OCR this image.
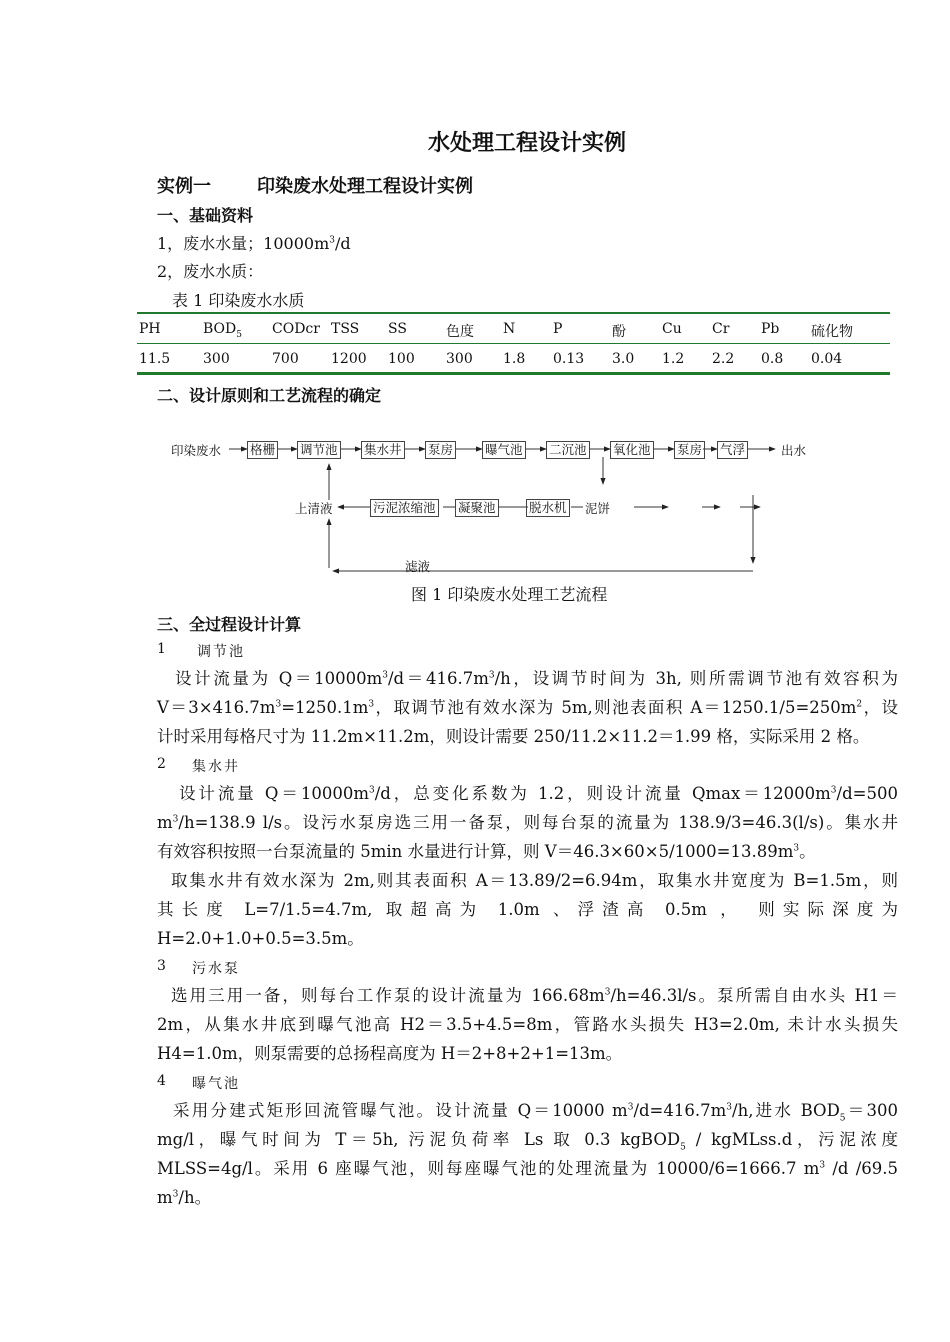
水处理工程设计实例
实例一	印染废水处理工程设计实例
一、基础资料
1，废水水量；$10000m^3/d$
2，废水水质：
表 1 印染废水水质
PH	$BOD_5$ CODcr TSS SS	色度 N	P	酚	Cu Cr Pb 硫化物
11.5 300	700 1200 100 300 1.8 0.13 3.0 1.2 2.2 0.8 0.04
二、设计原则和工艺流程的确定
印染废水 格栅 调节池 集水井 泵房	曝气池 二沉池 氧化池 泵房 气浮	出水
上清液	污泥浓缩池 凝聚池	脱水机 泥饼
滤液
图 1 印染废水处理工艺流程
三、全过程设计计算
1 调节池
设计流量为 $Q=10000m^3/d=416.7m^3/h$，设调节时间为 3h, 则所需调节池有效容积为
$V=3\times 416.7m^3=1250.1m^3$，取调节池有效水深为 5m,则池表面积 $A=1250.1/5=250m^2$，设
计时采用每格尺寸为 11.2m×11.2m，则设计需要 250/11.2×11.2＝1.99 格，实际采用 2 格。
2 集水井
设计流量 $Q=10000m^3/d$，总变化系数为 1.2，则设计流量 $Qmax=12000m^3/d=500$
$m^3/h=138.9$ l/s。设污水泵房选三用一备泵，则每台泵的流量为 138.9/3=46.3(l/s)。集水井
有效容积按照一台泵流量的 5min 水量进行计算，则 $V=46.3\times 60\times 5/1000=13.89m^3$。
取集水井有效水深为 2m,则其表面积 A＝13.89/2=6.94m，取集水井宽度为 B=1.5m，则
其长度 L=7/1.5=4.7m, 取超高为 1.0m 、浮渣高 0.5m ， 则实际深度为
H=2.0+1.0+0.5=3.5m。
3 污水泵
选用三用一备，则每台工作泵的设计流量为 $166.68m^3/h=46.3l/s$。泵所需自由水头 H1＝
2m，从集水井底到曝气池高 H2＝3.5+4.5=8m，管路水头损失 H3=2.0m, 未计水头损失
H4=1.0m，则泵需要的总扬程高度为 H＝2+8+2+1=13m。
4 曝气池
采用分建式矩形回流管曝气池。设计流量 Q＝10000 $m^3/d=416.7m^3/h$,进水 $BOD_5=300$
mg/l，曝气时间为 T＝5h, 污泥负荷率 Ls 取 0.3 kgBOD$_5$ / kgMLss.d，污泥浓度
MLSS=4g/l。采用 6 座曝气池，则每座曝气池的处理流量为 10000/6=1666.7 $m^3$ /d /69.5
$m^3/h$。
